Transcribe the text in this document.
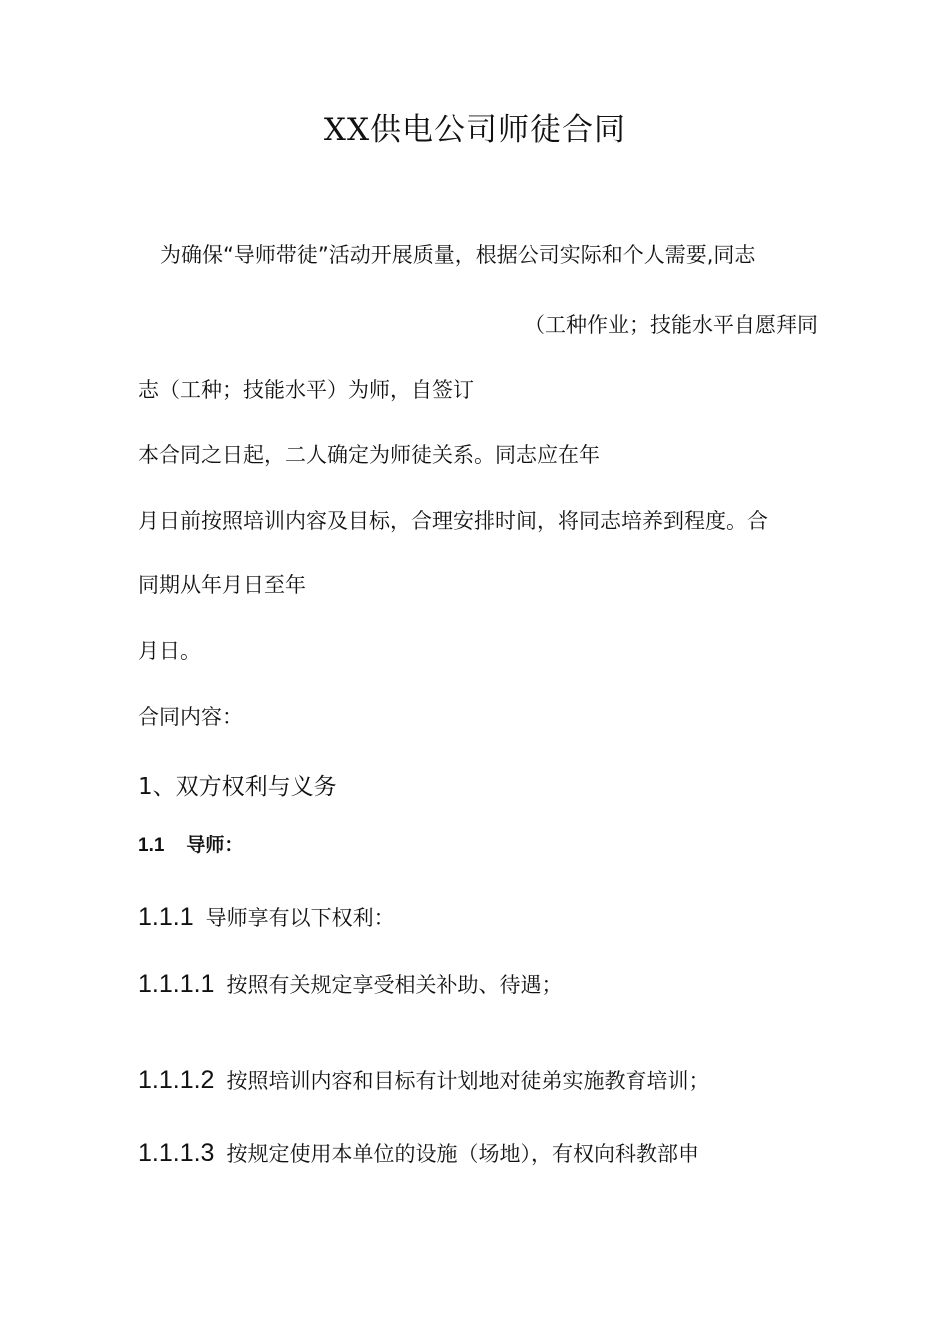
XX供电公司师徒合同
为确保“导师带徒”活动开展质量，根据公司实际和个人需要,同志
（工种作业；技能水平自愿拜同
志（工种；技能水平）为师，自签订
本合同之日起，二人确定为师徒关系。同志应在年
月日前按照培训内容及目标，合理安排时间，将同志培养到程度。合
同期从年月日至年
月日。
合同内容：
1、双方权利与义务
1.1 导师：
1.1.1 导师享有以下权利：
1.1.1.1 按照有关规定享受相关补助、待遇；
1.1.1.2 按照培训内容和目标有计划地对徒弟实施教育培训；
1.1.1.3 按规定使用本单位的设施（场地），有权向科教部申
